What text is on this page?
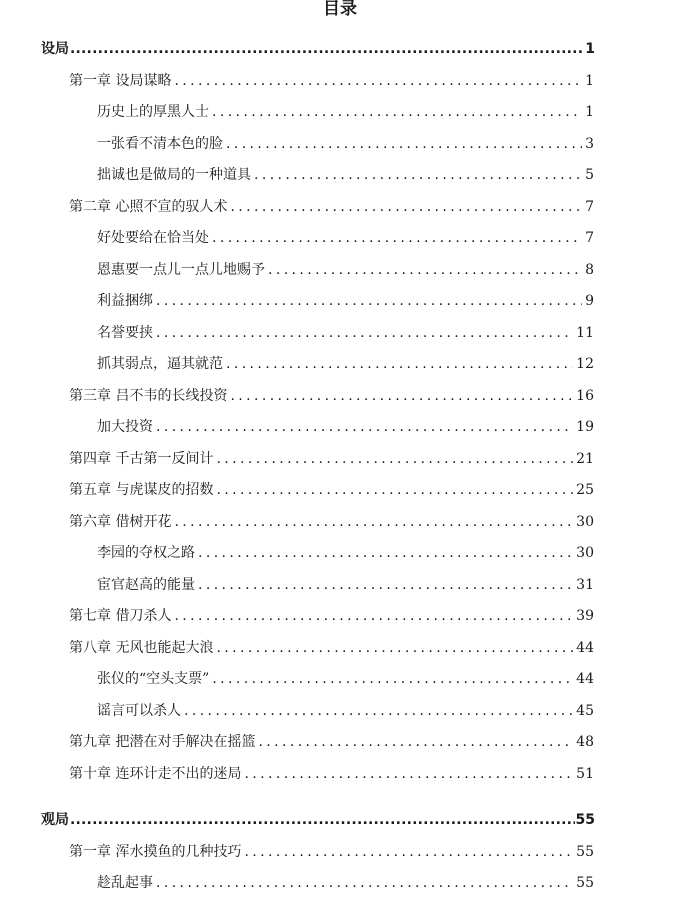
目录
设局 .....	1
第一章 设局谋略 .....	1
历史上的厚黑人士 .....	1
一张看不清本色的脸 .....	3
拙诚也是做局的一种道具 .....	5
第二章 心照不宣的驭人术 .....	7
好处要给在恰当处 .....	7
恩惠要一点儿一点儿地赐予 .....	8
利益捆绑 .....	9
名誉要挟 .....	11
抓其弱点，逼其就范 .....	12
第三章 吕不韦的长线投资 .....	16
加大投资 .....	19
第四章 千古第一反间计 .....	21
第五章 与虎谋皮的招数 .....	25
第六章 借树开花 .....	30
李园的夺权之路 .....	30
宦官赵高的能量 .....	31
第七章 借刀杀人 .....	39
第八章 无风也能起大浪 .....	44
张仪的“空头支票” .....	44
谣言可以杀人 .....	45
第九章 把潜在对手解决在摇篮 .....	48
第十章 连环计走不出的迷局 .....	51
观局 .....	55
第一章 浑水摸鱼的几种技巧 .....	55
趁乱起事 .....	55
